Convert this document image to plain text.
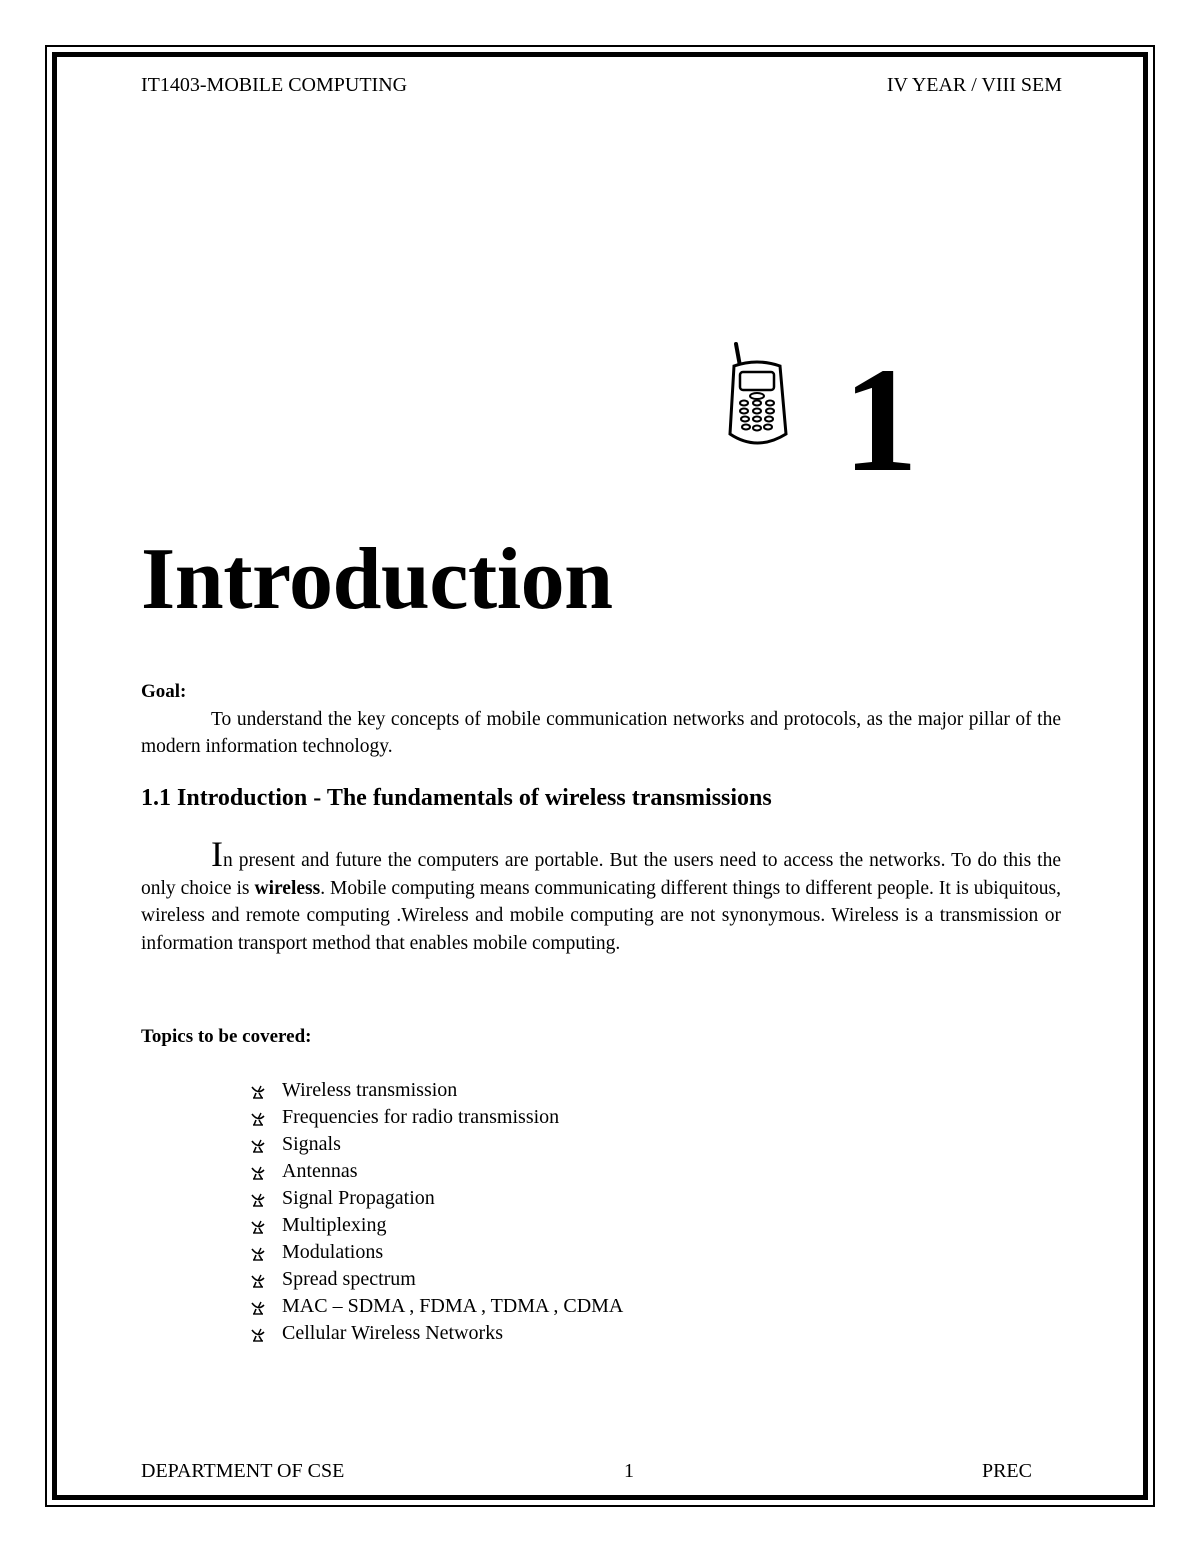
IT1403-MOBILE COMPUTING	IV YEAR / VIII SEM
1
Introduction
Goal:
To understand the key concepts of mobile communication networks and protocols, as the major pillar of the modern information technology.
1.1 Introduction - The fundamentals of wireless transmissions
In present and future the computers are portable. But the users need to access the networks. To do this the only choice is wireless. Mobile computing means communicating different things to different people. It is ubiquitous, wireless and remote computing .Wireless and mobile computing are not synonymous. Wireless is a transmission or information transport method that enables mobile computing.
Topics to be covered:
Wireless transmission
Frequencies for radio transmission
Signals
Antennas
Signal Propagation
Multiplexing
Modulations
Spread spectrum
MAC – SDMA , FDMA , TDMA , CDMA
Cellular Wireless Networks
DEPARTMENT OF CSE	1	PREC
